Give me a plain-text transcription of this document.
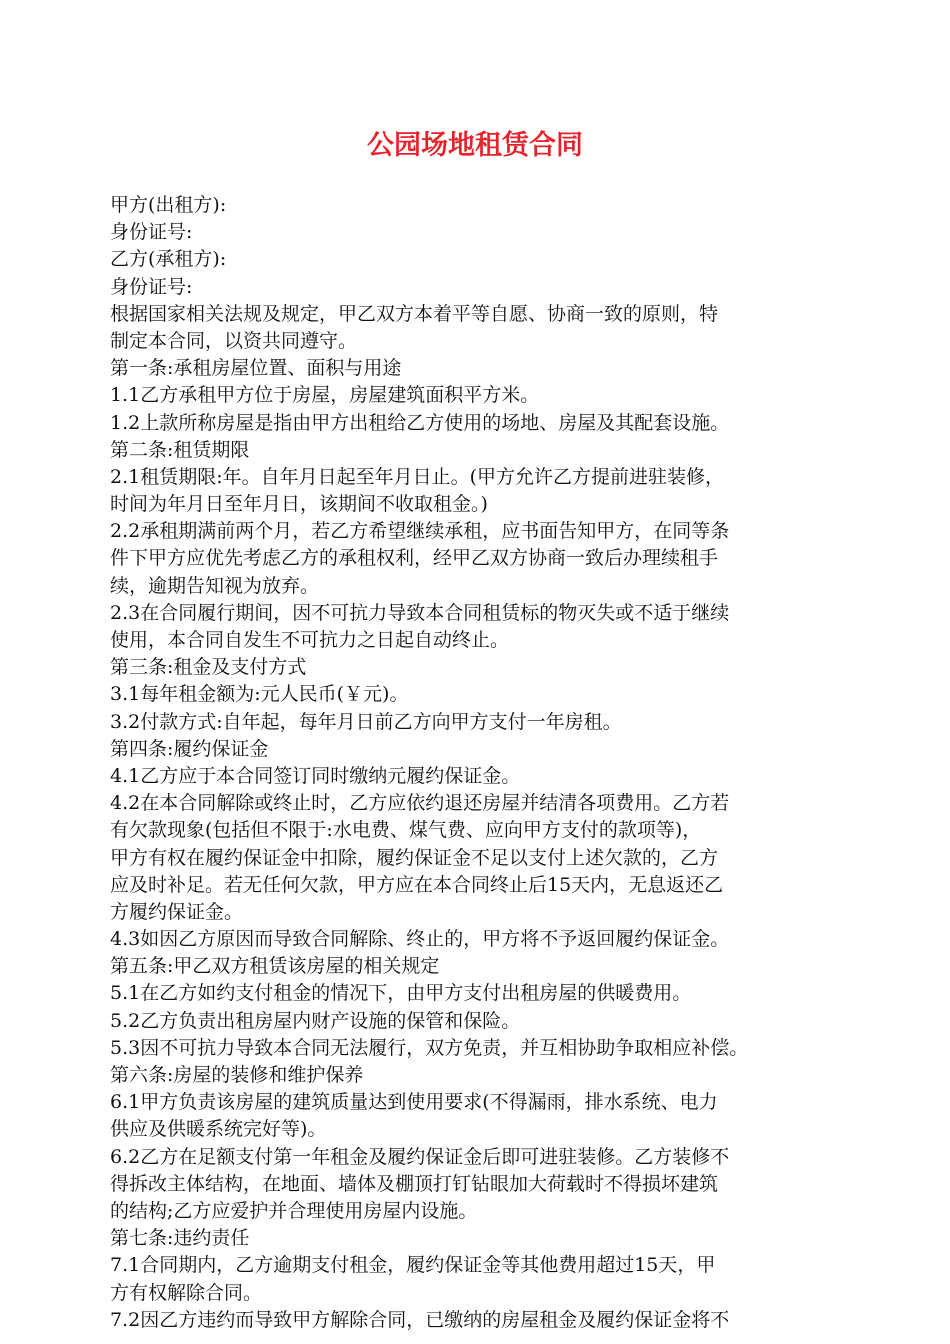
公园场地租赁合同
甲方(出租方):
身份证号:
乙方(承租方):
身份证号:
根据国家相关法规及规定，甲乙双方本着平等自愿、协商一致的原则，特
制定本合同，以资共同遵守。
第一条:承租房屋位置、面积与用途
1.1乙方承租甲方位于房屋，房屋建筑面积平方米。
1.2上款所称房屋是指由甲方出租给乙方使用的场地、房屋及其配套设施。
第二条:租赁期限
2.1租赁期限:年。自年月日起至年月日止。(甲方允许乙方提前进驻装修，
时间为年月日至年月日，该期间不收取租金。)
2.2承租期满前两个月，若乙方希望继续承租，应书面告知甲方，在同等条
件下甲方应优先考虑乙方的承租权利，经甲乙双方协商一致后办理续租手
续，逾期告知视为放弃。
2.3在合同履行期间，因不可抗力导致本合同租赁标的物灭失或不适于继续
使用，本合同自发生不可抗力之日起自动终止。
第三条:租金及支付方式
3.1每年租金额为:元人民币(￥元)。
3.2付款方式:自年起，每年月日前乙方向甲方支付一年房租。
第四条:履约保证金
4.1乙方应于本合同签订同时缴纳元履约保证金。
4.2在本合同解除或终止时，乙方应依约退还房屋并结清各项费用。乙方若
有欠款现象(包括但不限于:水电费、煤气费、应向甲方支付的款项等)，
甲方有权在履约保证金中扣除，履约保证金不足以支付上述欠款的，乙方
应及时补足。若无任何欠款，甲方应在本合同终止后15天内，无息返还乙
方履约保证金。
4.3如因乙方原因而导致合同解除、终止的，甲方将不予返回履约保证金。
第五条:甲乙双方租赁该房屋的相关规定
5.1在乙方如约支付租金的情况下，由甲方支付出租房屋的供暖费用。
5.2乙方负责出租房屋内财产设施的保管和保险。
5.3因不可抗力导致本合同无法履行，双方免责，并互相协助争取相应补偿。
第六条:房屋的装修和维护保养
6.1甲方负责该房屋的建筑质量达到使用要求(不得漏雨，排水系统、电力
供应及供暖系统完好等)。
6.2乙方在足额支付第一年租金及履约保证金后即可进驻装修。乙方装修不
得拆改主体结构，在地面、墙体及棚顶打钉钻眼加大荷载时不得损坏建筑
的结构;乙方应爱护并合理使用房屋内设施。
第七条:违约责任
7.1合同期内，乙方逾期支付租金，履约保证金等其他费用超过15天，甲
方有权解除合同。
7.2因乙方违约而导致甲方解除合同，已缴纳的房屋租金及履约保证金将不
